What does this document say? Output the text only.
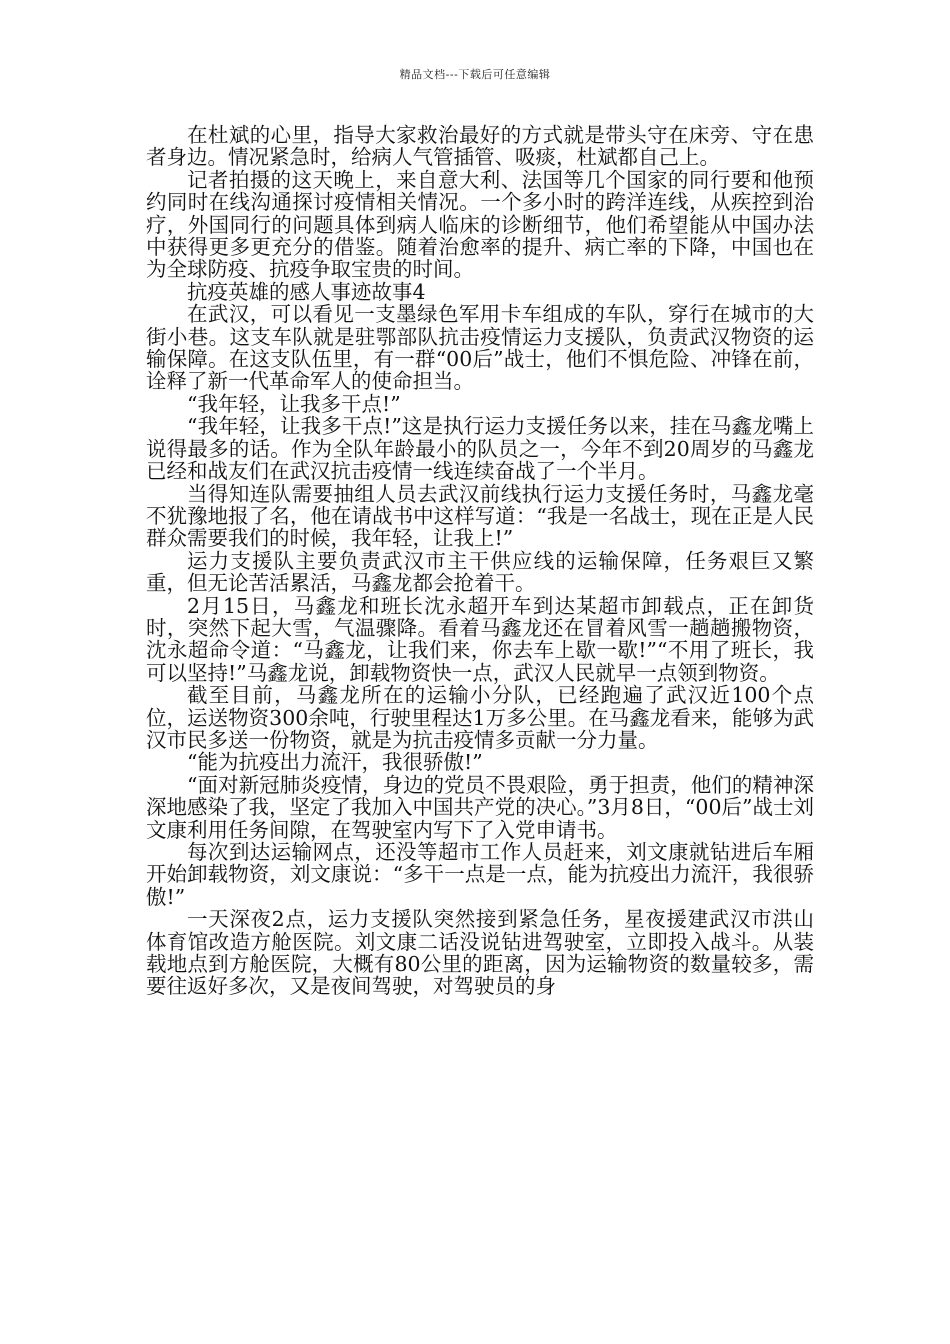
精品文档---下载后可任意编辑

在杜斌的心里，指导大家救治最好的方式就是带头守在床旁、守在患者身边。情况紧急时，给病人气管插管、吸痰，杜斌都自己上。

记者拍摄的这天晚上，来自意大利、法国等几个国家的同行要和他预约同时在线沟通探讨疫情相关情况。一个多小时的跨洋连线，从疾控到治疗，外国同行的问题具体到病人临床的诊断细节，他们希望能从中国办法中获得更多更充分的借鉴。随着治愈率的提升、病亡率的下降，中国也在为全球防疫、抗疫争取宝贵的时间。

抗疫英雄的感人事迹故事4

在武汉，可以看见一支墨绿色军用卡车组成的车队，穿行在城市的大街小巷。这支车队就是驻鄂部队抗击疫情运力支援队，负责武汉物资的运输保障。在这支队伍里，有一群“00后”战士，他们不惧危险、冲锋在前，诠释了新一代革命军人的使命担当。

“我年轻，让我多干点!”

“我年轻，让我多干点!”这是执行运力支援任务以来，挂在马鑫龙嘴上说得最多的话。作为全队年龄最小的队员之一，今年不到20周岁的马鑫龙已经和战友们在武汉抗击疫情一线连续奋战了一个半月。

当得知连队需要抽组人员去武汉前线执行运力支援任务时，马鑫龙毫不犹豫地报了名，他在请战书中这样写道：“我是一名战士，现在正是人民群众需要我们的时候，我年轻，让我上!”

运力支援队主要负责武汉市主干供应线的运输保障，任务艰巨又繁重，但无论苦活累活，马鑫龙都会抢着干。

2月15日，马鑫龙和班长沈永超开车到达某超市卸载点，正在卸货时，突然下起大雪，气温骤降。看着马鑫龙还在冒着风雪一趟趟搬物资，沈永超命令道：“马鑫龙，让我们来，你去车上歇一歇!”“不用了班长，我可以坚持!”马鑫龙说，卸载物资快一点，武汉人民就早一点领到物资。

截至目前，马鑫龙所在的运输小分队，已经跑遍了武汉近100个点位，运送物资300余吨，行驶里程达1万多公里。在马鑫龙看来，能够为武汉市民多送一份物资，就是为抗击疫情多贡献一分力量。

“能为抗疫出力流汗，我很骄傲!”

“面对新冠肺炎疫情，身边的党员不畏艰险，勇于担责，他们的精神深深地感染了我，坚定了我加入中国共产党的决心。”3月8日，“00后”战士刘文康利用任务间隙，在驾驶室内写下了入党申请书。

每次到达运输网点，还没等超市工作人员赶来，刘文康就钻进后车厢开始卸载物资，刘文康说：“多干一点是一点，能为抗疫出力流汗，我很骄傲!”

一天深夜2点，运力支援队突然接到紧急任务，星夜援建武汉市洪山体育馆改造方舱医院。刘文康二话没说钻进驾驶室，立即投入战斗。从装载地点到方舱医院，大概有80公里的距离，因为运输物资的数量较多，需要往返好多次，又是夜间驾驶，对驾驶员的身
